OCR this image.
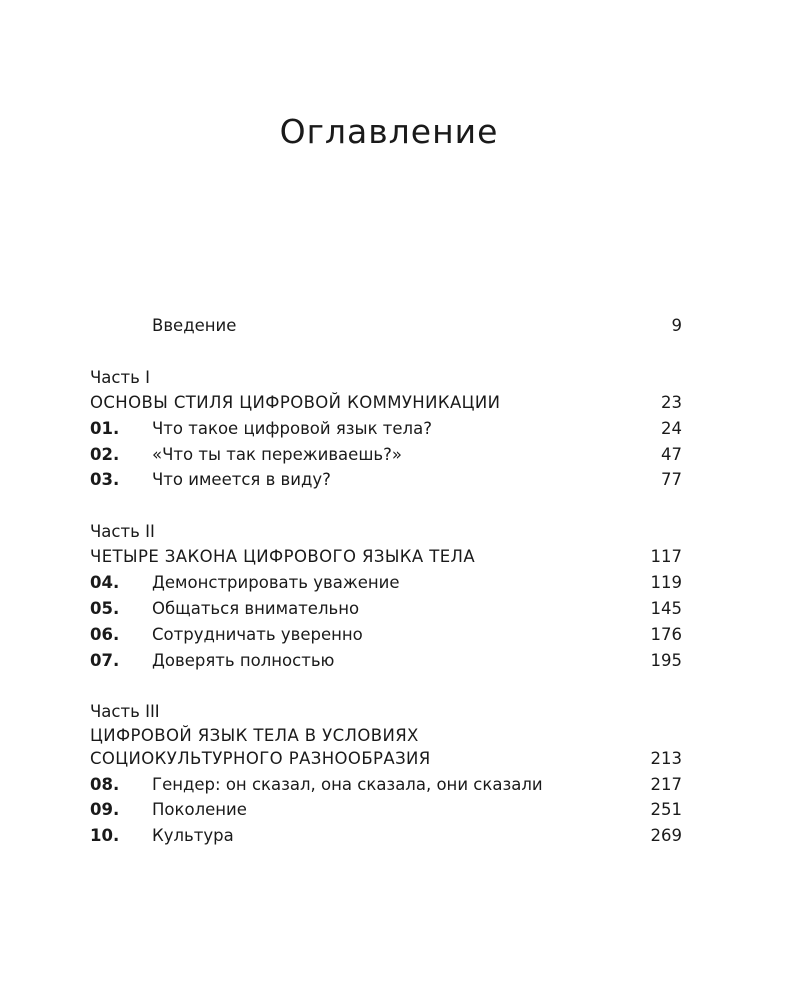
Оглавление
Введение	9
Часть I
ОСНОВЫ СТИЛЯ ЦИФРОВОЙ КОММУНИКАЦИИ	23
01. Что такое цифровой язык тела?	24
02. «Что ты так переживаешь?»	47
03. Что имеется в виду?	77
Часть II
ЧЕТЫРЕ ЗАКОНА ЦИФРОВОГО ЯЗЫКА ТЕЛА	117
04. Демонстрировать уважение	119
05. Общаться внимательно	145
06. Сотрудничать уверенно	176
07. Доверять полностью	195
Часть III
ЦИФРОВОЙ ЯЗЫК ТЕЛА В УСЛОВИЯХ
СОЦИОКУЛЬТУРНОГО РАЗНООБРАЗИЯ	213
08. Гендер: он сказал, она сказала, они сказали	217
09. Поколение	251
10. Культура	269
